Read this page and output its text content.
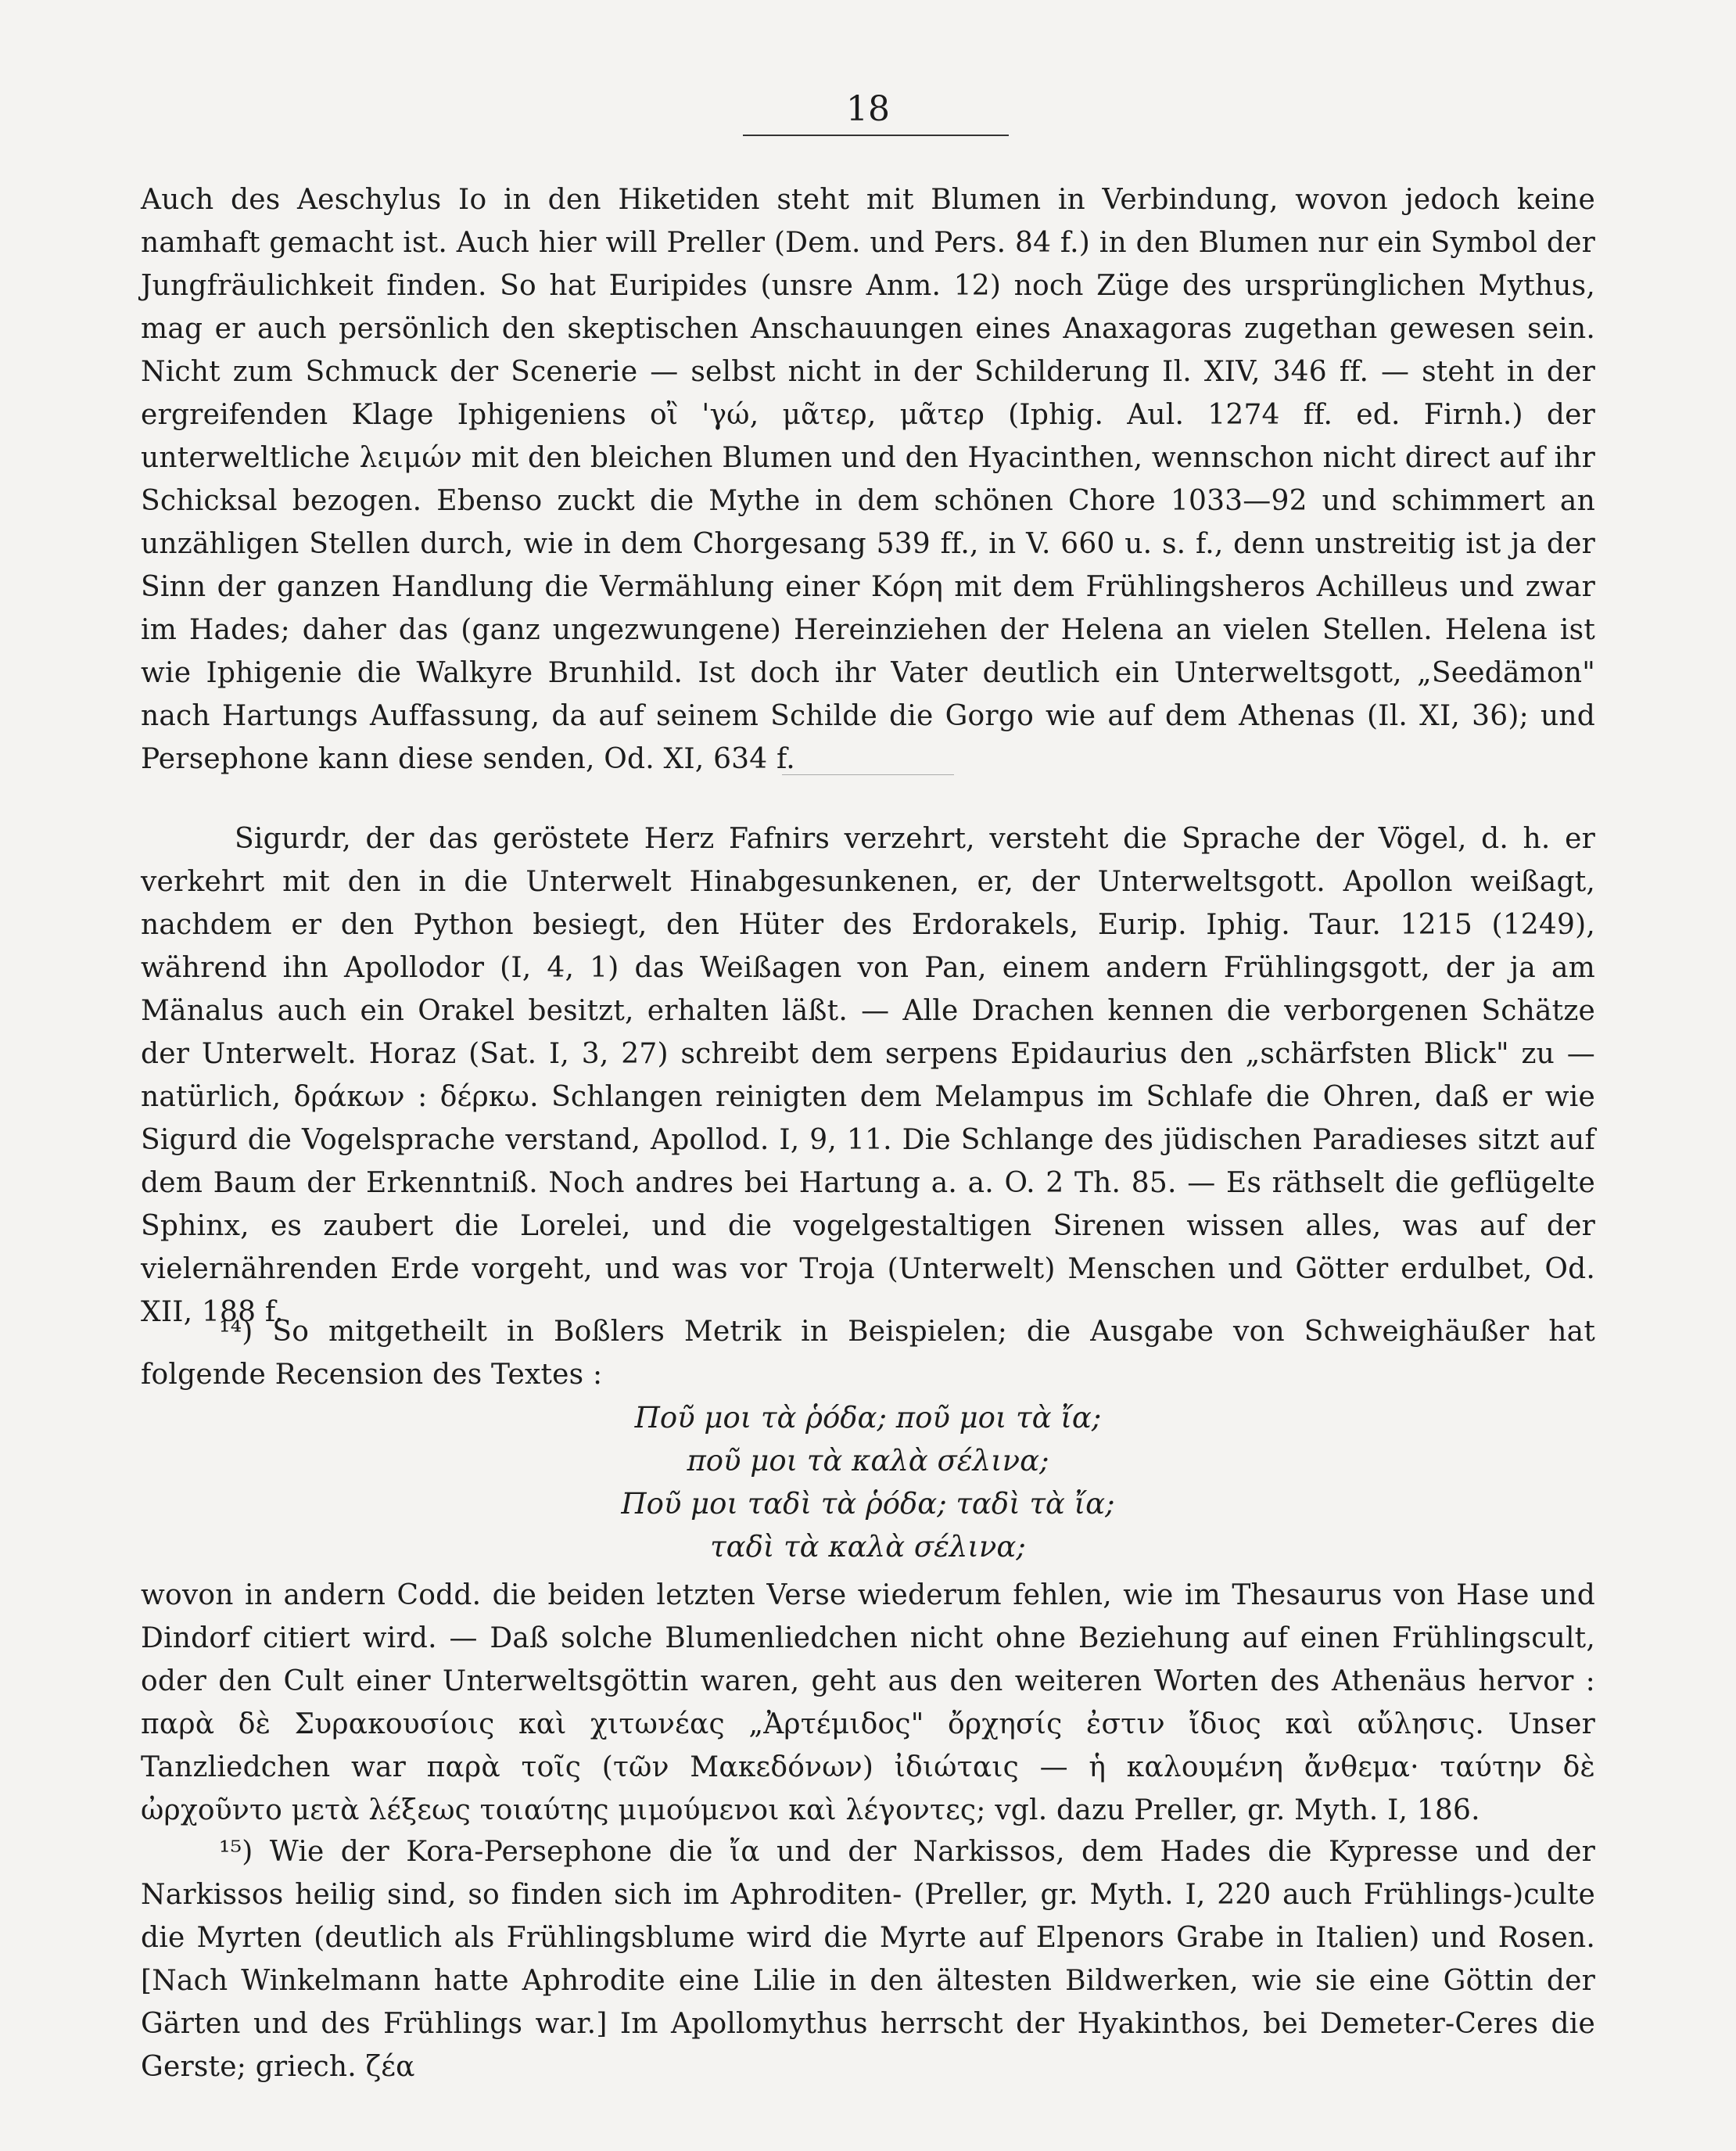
18

Auch des Aeschylus Io in den Hiketiden steht mit Blumen in Verbindung, wovon jedoch keine namhaft gemacht ist. Auch hier will Preller (Dem. und Pers. 84 f.) in den Blumen nur ein Symbol der Jungfräulichkeit finden. So hat Euripides (unsre Anm. 12) noch Züge des ursprünglichen Mythus, mag er auch persönlich den skeptischen Anschauungen eines Anaxagoras zugethan gewesen sein. Nicht zum Schmuck der Scenerie — selbst nicht in der Schilderung Il. XIV, 346 ff. — steht in der ergreifenden Klage Iphigeniens οἲ 'γώ, μᾶτερ, μᾶτερ (Iphig. Aul. 1274 ff. ed. Firnh.) der unterweltliche λειμών mit den bleichen Blumen und den Hyacinthen, wennschon nicht direct auf ihr Schicksal bezogen. Ebenso zuckt die Mythe in dem schönen Chore 1033—92 und schimmert an unzähligen Stellen durch, wie in dem Chorgesang 539 ff., in V. 660 u. s. f., denn unstreitig ist ja der Sinn der ganzen Handlung die Vermählung einer Κόρη mit dem Frühlingsheros Achilleus und zwar im Hades; daher das (ganz ungezwungene) Hereinziehen der Helena an vielen Stellen. Helena ist wie Iphigenie die Walkyre Brunhild. Ist doch ihr Vater deutlich ein Unterweltsgott, „Seedämon" nach Hartungs Auffassung, da auf seinem Schilde die Gorgo wie auf dem Athenas (Il. XI, 36); und Persephone kann diese senden, Od. XI, 634 f.

Sigurdr, der das geröstete Herz Fafnirs verzehrt, versteht die Sprache der Vögel, d. h. er verkehrt mit den in die Unterwelt Hinabgesunkenen, er, der Unterweltsgott. Apollon weißagt, nachdem er den Python besiegt, den Hüter des Erdorakels, Eurip. Iphig. Taur. 1215 (1249), während ihn Apollodor (I, 4, 1) das Weißagen von Pan, einem andern Frühlingsgott, der ja am Mänalus auch ein Orakel besitzt, erhalten läßt. — Alle Drachen kennen die verborgenen Schätze der Unterwelt. Horaz (Sat. I, 3, 27) schreibt dem serpens Epidaurius den „schärfsten Blick" zu — natürlich, δράκων : δέρκω. Schlangen reinigten dem Melampus im Schlafe die Ohren, daß er wie Sigurd die Vogelsprache verstand, Apollod. I, 9, 11. Die Schlange des jüdischen Paradieses sitzt auf dem Baum der Erkenntniß. Noch andres bei Hartung a. a. O. 2 Th. 85. — Es räthselt die geflügelte Sphinx, es zaubert die Lorelei, und die vogelgestaltigen Sirenen wissen alles, was auf der vielernährenden Erde vorgeht, und was vor Troja (Unterwelt) Menschen und Götter erdulbet, Od. XII, 188 f.

¹⁴) So mitgetheilt in Boßlers Metrik in Beispielen; die Ausgabe von Schweighäußer hat folgende Recension des Textes :

Ποῦ μοι τὰ ῥόδα; ποῦ μοι τὰ ἴα;

ποῦ μοι τὰ καλὰ σέλινα;

Ποῦ μοι ταδὶ τὰ ῥόδα; ταδὶ τὰ ἴα;

ταδὶ τὰ καλὰ σέλινα;

wovon in andern Codd. die beiden letzten Verse wiederum fehlen, wie im Thesaurus von Hase und Dindorf citiert wird. — Daß solche Blumenliedchen nicht ohne Beziehung auf einen Frühlingscult, oder den Cult einer Unterweltsgöttin waren, geht aus den weiteren Worten des Athenäus hervor : παρὰ δὲ Συρακουσίοις καὶ χιτωνέας „Ἀρτέμιδος" ὄρχησίς ἐστιν ἴδιος καὶ αὔλησις. Unser Tanzliedchen war παρὰ τοῖς (τῶν Μακεδόνων) ἰδιώταις — ἡ καλουμένη ἄνθεμα· ταύτην δὲ ὠρχοῦντο μετὰ λέξεως τοιαύτης μιμούμενοι καὶ λέγοντες; vgl. dazu Preller, gr. Myth. I, 186.

¹⁵) Wie der Kora-Persephone die ἴα und der Narkissos, dem Hades die Kypresse und der Narkissos heilig sind, so finden sich im Aphroditen- (Preller, gr. Myth. I, 220 auch Frühlings-)culte die Myrten (deutlich als Frühlingsblume wird die Myrte auf Elpenors Grabe in Italien) und Rosen. [Nach Winkelmann hatte Aphrodite eine Lilie in den ältesten Bildwerken, wie sie eine Göttin der Gärten und des Frühlings war.] Im Apollomythus herrscht der Hyakinthos, bei Demeter-Ceres die Gerste; griech. ζέα
